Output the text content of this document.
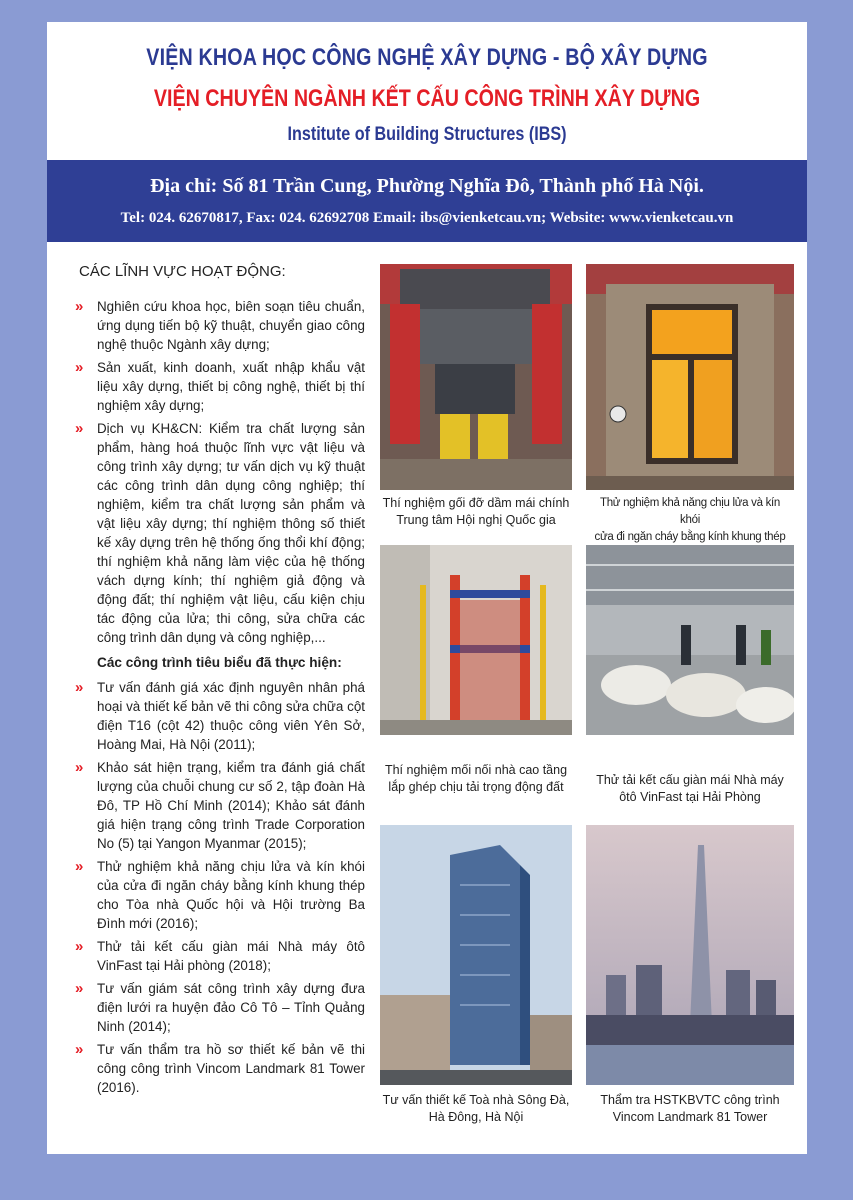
VIỆN KHOA HỌC CÔNG NGHỆ XÂY DỰNG - BỘ XÂY DỰNG
VIỆN CHUYÊN NGÀNH KẾT CẤU CÔNG TRÌNH XÂY DỰNG
Institute of Building Structures (IBS)
Địa chỉ: Số 81 Trần Cung, Phường Nghĩa Đô, Thành phố Hà Nội.
Tel: 024. 62670817, Fax: 024. 62692708 Email: ibs@vienketcau.vn; Website: www.vienketcau.vn
CÁC LĨNH VỰC HOẠT ĐỘNG:
» Nghiên cứu khoa học, biên soạn tiêu chuẩn, ứng dụng tiến bộ kỹ thuật, chuyển giao công nghệ thuộc Ngành xây dựng;
» Sản xuất, kinh doanh, xuất nhập khẩu vật liệu xây dựng, thiết bị công nghệ, thiết bị thí nghiệm xây dựng;
» Dịch vụ KH&CN: Kiểm tra chất lượng sản phẩm, hàng hoá thuộc lĩnh vực vật liệu và công trình xây dựng; tư vấn dịch vụ kỹ thuật các công trình dân dụng công nghiệp; thí nghiệm, kiểm tra chất lượng sản phẩm và vật liệu xây dựng; thí nghiệm thông số thiết kế xây dựng trên hệ thống ống thổi khí động; thí nghiệm khả năng làm việc của hệ thống vách dựng kính; thí nghiệm giả động và động đất; thí nghiệm vật liệu, cấu kiện chịu tác động của lửa; thi công, sửa chữa các công trình dân dụng và công nghiệp,...
Các công trình tiêu biểu đã thực hiện:
» Tư vấn đánh giá xác định nguyên nhân phá hoại và thiết kế bản vẽ thi công sửa chữa cột điện T16 (cột 42) thuộc công viên Yên Sở, Hoàng Mai, Hà Nội (2011);
» Khảo sát hiện trạng, kiểm tra đánh giá chất lượng của chuỗi chung cư số 2, tập đoàn Hà Đô, TP Hồ Chí Minh (2014); Khảo sát đánh giá hiện trạng công trình Trade Corporation No (5) tại Yangon Myanmar (2015);
» Thử nghiệm khả năng chịu lửa và kín khói của cửa đi ngăn cháy bằng kính khung thép cho Tòa nhà Quốc hội và Hội trường Ba Đình mới (2016);
» Thử tải kết cấu giàn mái Nhà máy ôtô VinFast tại Hải phòng (2018);
» Tư vấn giám sát công trình xây dựng đưa điện lưới ra huyện đảo Cô Tô – Tỉnh Quảng Ninh (2014);
» Tư vấn thẩm tra hồ sơ thiết kế bản vẽ thi công công trình Vincom Landmark 81 Tower (2016).
Thí nghiệm gối đỡ dầm mái chính
Trung tâm Hội nghị Quốc gia
Thử nghiệm khả năng chịu lửa và kín khói
cửa đi ngăn cháy bằng kính khung thép
Thí nghiệm mối nối nhà cao tầng
lắp ghép chịu tải trọng động đất	Thử tải kết cấu giàn mái Nhà máy
ôtô VinFast tại Hải Phòng
Tư vấn thiết kế Toà nhà Sông Đà,
Hà Đông, Hà Nội
Thẩm tra HSTKBVTC công trình
Vincom Landmark 81 Tower
